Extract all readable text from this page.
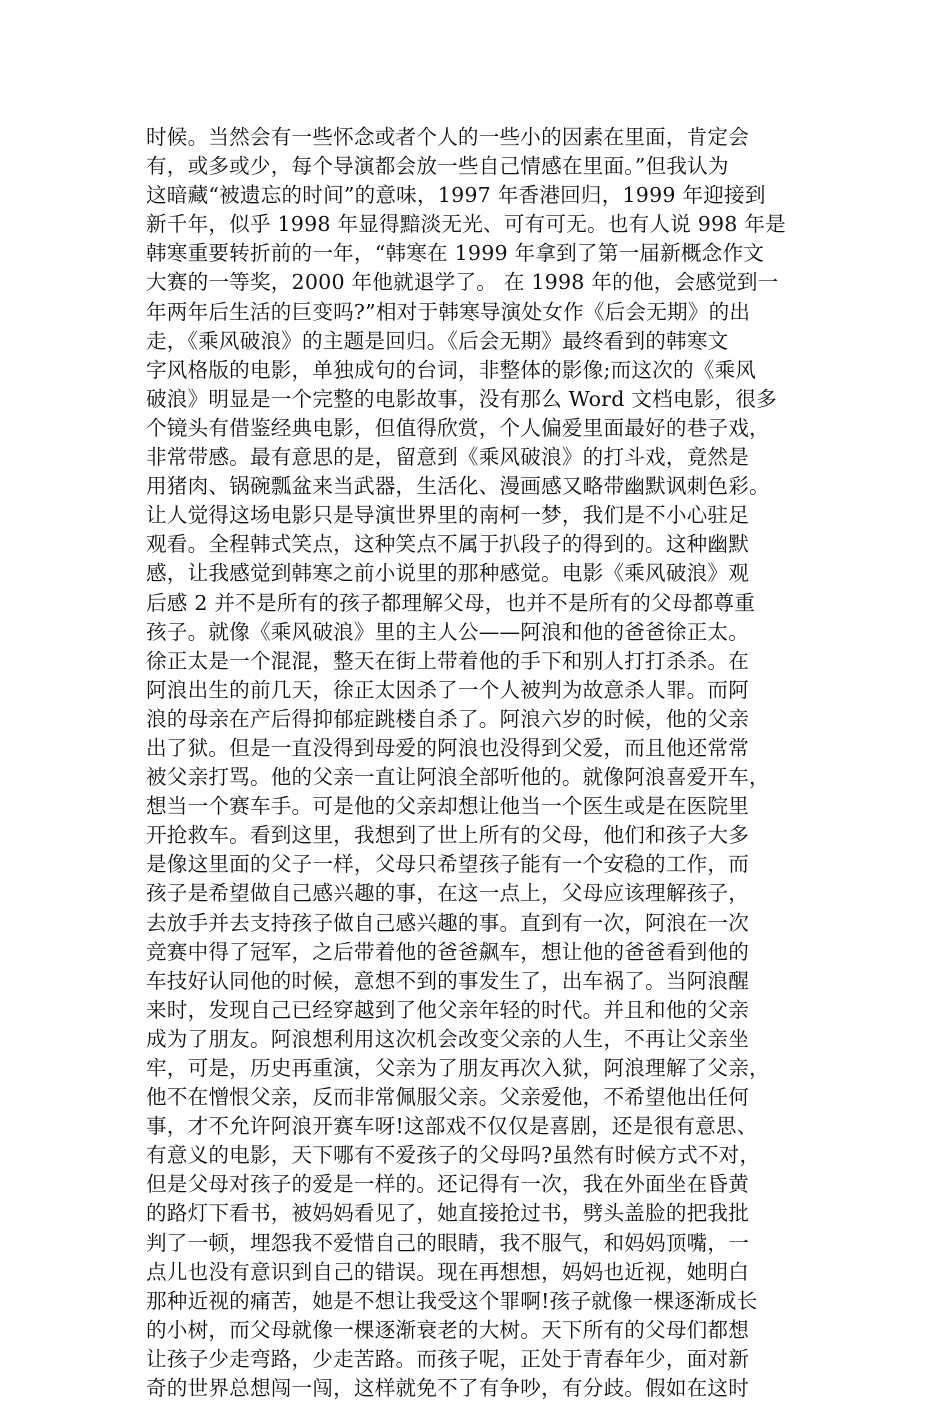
时候。当然会有一些怀念或者个人的一些小的因素在里面，肯定会
有，或多或少，每个导演都会放一些自己情感在里面。”但我认为
这暗藏“被遗忘的时间”的意味，1997 年香港回归，1999 年迎接到
新千年，似乎 1998 年显得黯淡无光、可有可无。也有人说 998 年是
韩寒重要转折前的一年，“韩寒在 1999 年拿到了第一届新概念作文
大赛的一等奖，2000 年他就退学了。 在 1998 年的他，会感觉到一
年两年后生活的巨变吗?”相对于韩寒导演处女作《后会无期》的出
走，《乘风破浪》的主题是回归。《后会无期》最终看到的韩寒文
字风格版的电影，单独成句的台词，非整体的影像;而这次的《乘风
破浪》明显是一个完整的电影故事，没有那么 Word 文档电影，很多
个镜头有借鉴经典电影，但值得欣赏，个人偏爱里面最好的巷子戏，
非常带感。最有意思的是，留意到《乘风破浪》的打斗戏，竟然是
用猪肉、锅碗瓢盆来当武器，生活化、漫画感又略带幽默讽刺色彩。
让人觉得这场电影只是导演世界里的南柯一梦，我们是不小心驻足
观看。全程韩式笑点，这种笑点不属于扒段子的得到的。这种幽默
感，让我感觉到韩寒之前小说里的那种感觉。电影《乘风破浪》观
后感 2 并不是所有的孩子都理解父母，也并不是所有的父母都尊重
孩子。就像《乘风破浪》里的主人公——阿浪和他的爸爸徐正太。
徐正太是一个混混，整天在街上带着他的手下和别人打打杀杀。在
阿浪出生的前几天，徐正太因杀了一个人被判为故意杀人罪。而阿
浪的母亲在产后得抑郁症跳楼自杀了。阿浪六岁的时候，他的父亲
出了狱。但是一直没得到母爱的阿浪也没得到父爱，而且他还常常
被父亲打骂。他的父亲一直让阿浪全部听他的。就像阿浪喜爱开车，
想当一个赛车手。可是他的父亲却想让他当一个医生或是在医院里
开抢救车。看到这里，我想到了世上所有的父母，他们和孩子大多
是像这里面的父子一样，父母只希望孩子能有一个安稳的工作，而
孩子是希望做自己感兴趣的事，在这一点上，父母应该理解孩子，
去放手并去支持孩子做自己感兴趣的事。直到有一次，阿浪在一次
竞赛中得了冠军，之后带着他的爸爸飙车，想让他的爸爸看到他的
车技好认同他的时候，意想不到的事发生了，出车祸了。当阿浪醒
来时，发现自己已经穿越到了他父亲年轻的时代。并且和他的父亲
成为了朋友。阿浪想利用这次机会改变父亲的人生，不再让父亲坐
牢，可是，历史再重演，父亲为了朋友再次入狱，阿浪理解了父亲，
他不在憎恨父亲，反而非常佩服父亲。父亲爱他，不希望他出任何
事，才不允许阿浪开赛车呀!这部戏不仅仅是喜剧，还是很有意思、
有意义的电影，天下哪有不爱孩子的父母吗?虽然有时候方式不对，
但是父母对孩子的爱是一样的。还记得有一次，我在外面坐在昏黄
的路灯下看书，被妈妈看见了，她直接抢过书，劈头盖脸的把我批
判了一顿，埋怨我不爱惜自己的眼睛，我不服气，和妈妈顶嘴，一
点儿也没有意识到自己的错误。现在再想想，妈妈也近视，她明白
那种近视的痛苦，她是不想让我受这个罪啊!孩子就像一棵逐渐成长
的小树，而父母就像一棵逐渐衰老的大树。天下所有的父母们都想
让孩子少走弯路，少走苦路。而孩子呢，正处于青春年少，面对新
奇的世界总想闯一闯，这样就免不了有争吵，有分歧。假如在这时
